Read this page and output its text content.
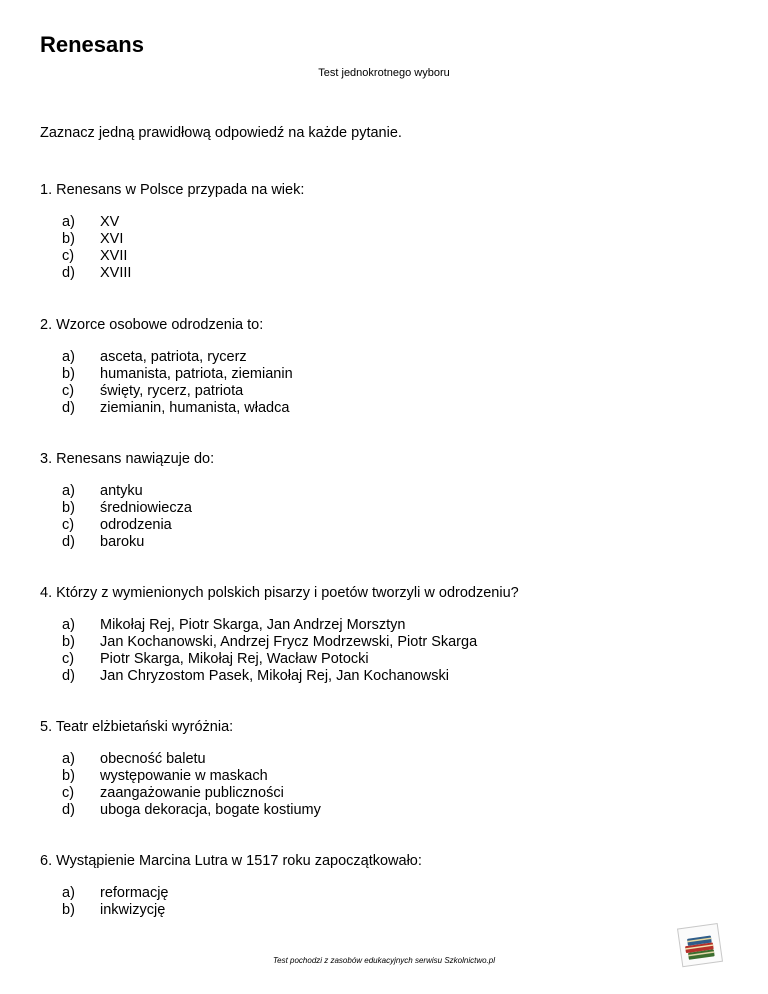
Renesans
Test jednokrotnego wyboru
Zaznacz jedną prawidłową odpowiedź na każde pytanie.
1. Renesans w Polsce przypada na wiek:
a)	XV
b)	XVI
c)	XVII
d)	XVIII
2. Wzorce osobowe odrodzenia to:
a)	asceta, patriota, rycerz
b)	humanista, patriota, ziemianin
c)	święty, rycerz, patriota
d)	ziemianin, humanista, władca
3. Renesans nawiązuje do:
a)	antyku
b)	średniowiecza
c)	odrodzenia
d)	baroku
4. Którzy z wymienionych polskich pisarzy i poetów tworzyli w odrodzeniu?
a)	Mikołaj Rej, Piotr Skarga, Jan Andrzej Morsztyn
b)	Jan Kochanowski, Andrzej Frycz Modrzewski, Piotr Skarga
c)	Piotr Skarga, Mikołaj Rej, Wacław Potocki
d)	Jan Chryzostom Pasek, Mikołaj Rej, Jan Kochanowski
5. Teatr elżbietański wyróżnia:
a)	obecność baletu
b)	występowanie w maskach
c)	zaangażowanie publiczności
d)	uboga dekoracja, bogate kostiumy
6. Wystąpienie Marcina Lutra w 1517 roku zapoczątkowało:
a)	reformację
b)	inkwizycję
Test pochodzi z zasobów edukacyjnych serwisu Szkolnictwo.pl
